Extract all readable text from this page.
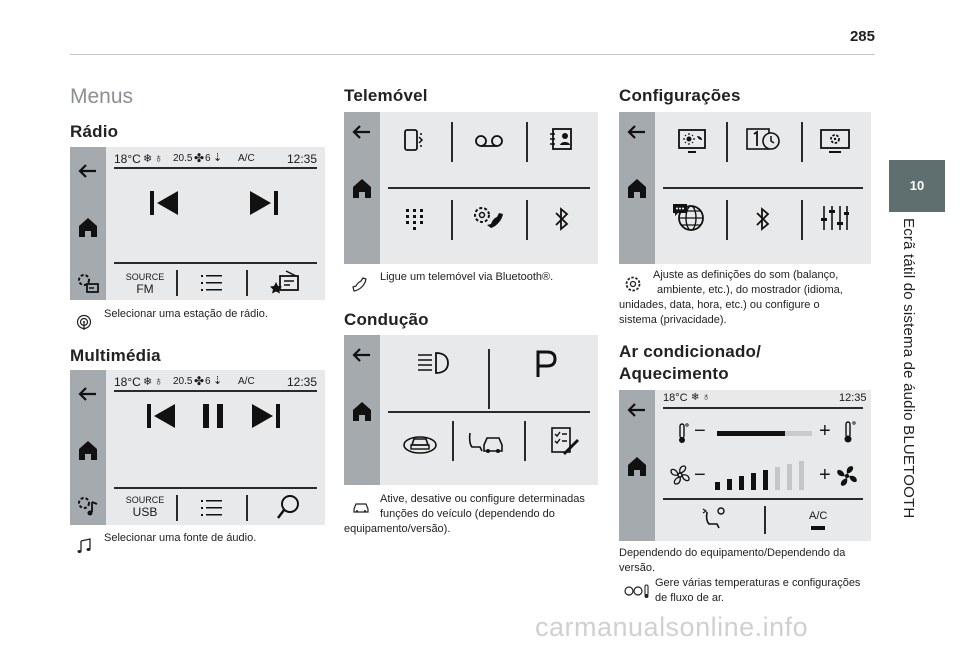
285
10
Ecrã tátil do sistema de áudio BLUETOOTH
Menus
Rádio
18°C ❄ ♁ 20.5 ✤ 6 ⇣ A/C	12:35
SOURCE
FM
Selecionar uma estação de rádio.
Multimédia
18°C ❄ ♁ 20.5 ✤ 6 ⇣ A/C	12:35
SOURCE
USB
Selecionar uma fonte de áudio.
Telemóvel
Ligue um telemóvel via Bluetooth®.
Condução
Ative, desative ou configure determinadas
funções do veículo (dependendo do
equipamento/versão).
Configurações
Ajuste as definições do som (balanço,
ambiente, etc.), do mostrador (idioma,
unidades, data, hora, etc.) ou configure o
sistema (privacidade).
Ar condicionado/
Aquecimento
18°C ❄ ♁	12:35
−	+
−	+
A/C
Dependendo do equipamento/Dependendo da
versão.
Gere várias temperaturas e configurações
de fluxo de ar.
carmanualsonline.info
